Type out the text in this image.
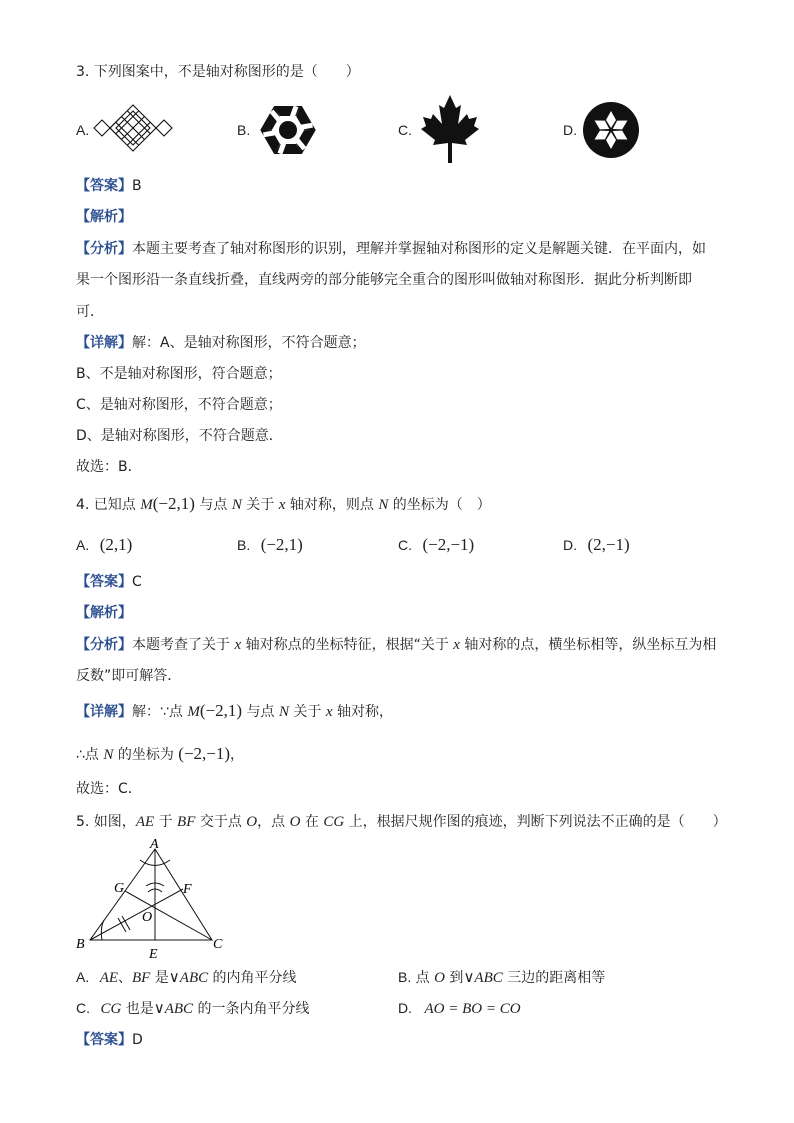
3. 下列图案中，不是轴对称图形的是（　　）
A.	B.	C.	D.
【答案】B
【解析】
【分析】本题主要考查了轴对称图形的识别，理解并掌握轴对称图形的定义是解题关键．在平面内，如
果一个图形沿一条直线折叠，直线两旁的部分能够完全重合的图形叫做轴对称图形．据此分析判断即
可．
【详解】解：A、是轴对称图形，不符合题意；
B、不是轴对称图形，符合题意；
C、是轴对称图形，不符合题意；
D、是轴对称图形，不符合题意．
故选：B．
4. 已知点 M(−2,1) 与点 N 关于 x 轴对称，则点 N 的坐标为（　）
A. (2,1)	B. (−2,1)	C. (−2,−1)	D. (2,−1)
【答案】C
【解析】
【分析】本题考查了关于 x 轴对称点的坐标特征，根据“关于 x 轴对称的点，横坐标相等，纵坐标互为相
反数”即可解答．
【详解】解：∵点 M(−2,1) 与点 N 关于 x 轴对称，
∴点 N 的坐标为 (−2,−1)，
故选：C．
5. 如图，AE 于 BF 交于点 O，点 O 在 CG 上，根据尺规作图的痕迹，判断下列说法不正确的是（　　）
A
B	C
E
F
G
O
A. AE、BF 是∨ABC 的内角平分线	B. 点 O 到∨ABC 三边的距离相等
C. CG 也是∨ABC 的一条内角平分线	D. AO = BO = CO
【答案】D
